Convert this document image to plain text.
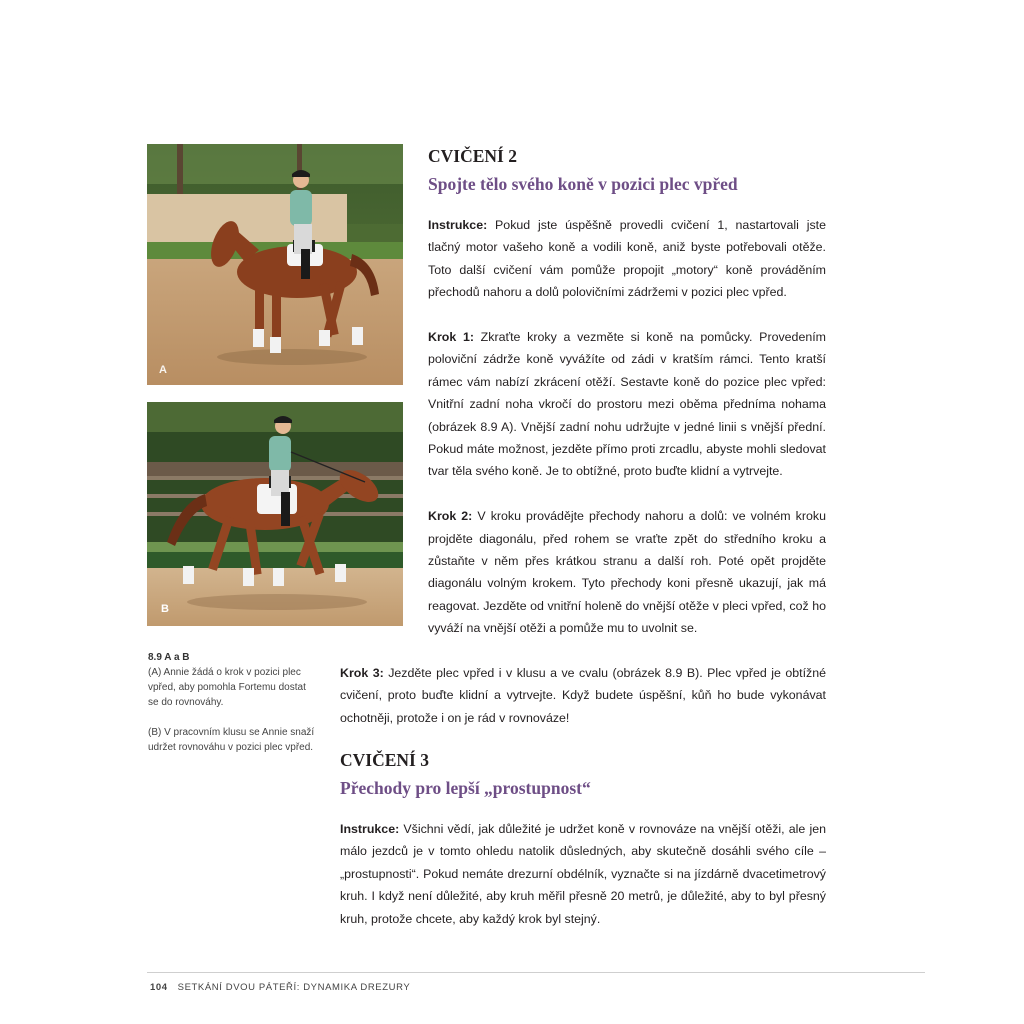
A
B
8.9 A a B

(A) Annie žádá o krok v pozici plec vpřed, aby pomohla Fortemu dostat se do rovnováhy.

(B) V pracovním klusu se Annie snaží udržet rovnováhu v pozici plec vpřed.

CVIČENÍ 2
Spojte tělo svého koně v pozici plec vpřed

Instrukce: Pokud jste úspěšně provedli cvičení 1, nastartovali jste tlačný motor vašeho koně a vodili koně, aniž byste potřebovali otěže. Toto další cvičení vám pomůže propojit „motory“ koně prováděním přechodů nahoru a dolů polovičními zádržemi v pozici plec vpřed.

Krok 1: Zkraťte kroky a vezměte si koně na pomůcky. Provedením poloviční zádrže koně vyvážíte od zádi v kratším rámci. Tento kratší rámec vám nabízí zkrácení otěží. Sestavte koně do pozice plec vpřed: Vnitřní zadní noha vkročí do prostoru mezi oběma předníma nohama (obrázek 8.9 A). Vnější zadní nohu udržujte v jedné linii s vnější přední. Pokud máte možnost, jezděte přímo proti zrcadlu, abyste mohli sledovat tvar těla svého koně. Je to obtížné, proto buďte klidní a vytrvejte.

Krok 2: V kroku provádějte přechody nahoru a dolů: ve volném kroku projděte diagonálu, před rohem se vraťte zpět do středního kroku a zůstaňte v něm přes krátkou stranu a další roh. Poté opět projděte diagonálu volným krokem. Tyto přechody koni přesně ukazují, jak má reagovat. Jezděte od vnitřní holeně do vnější otěže v pleci vpřed, což ho vyváží na vnější otěži a pomůže mu to uvolnit se.

Krok 3: Jezděte plec vpřed i v klusu a ve cvalu (obrázek 8.9 B). Plec vpřed je obtížné cvičení, proto buďte klidní a vytrvejte. Když budete úspěšní, kůň ho bude vykonávat ochotněji, protože i on je rád v rovnováze!

CVIČENÍ 3
Přechody pro lepší „prostupnost“

Instrukce: Všichni vědí, jak důležité je udržet koně v rovnováze na vnější otěži, ale jen málo jezdců je v tomto ohledu natolik důsledných, aby skutečně dosáhli svého cíle – „prostupnosti“. Pokud nemáte drezurní obdélník, vyznačte si na jízdárně dvacetimetrový kruh. I když není důležité, aby kruh měřil přesně 20 metrů, je důležité, aby to byl přesný kruh, protože chcete, aby každý krok byl stejný.

104 SETKÁNÍ DVOU PÁTEŘÍ: DYNAMIKA DREZURY
